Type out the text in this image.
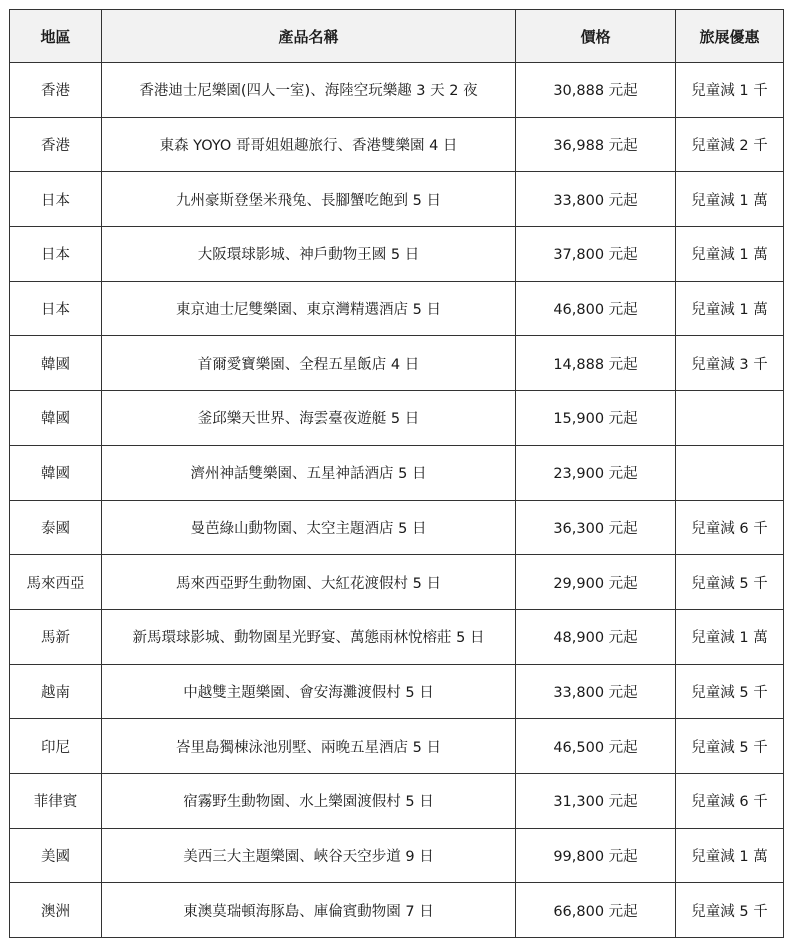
地區	產品名稱	價格	旅展優惠
香港	香港迪士尼樂園(四人一室)、海陸空玩樂趣 3 天 2 夜	30,888 元起	兒童減 1 千
香港	東森 YOYO 哥哥姐姐趣旅行、香港雙樂園 4 日	36,988 元起	兒童減 2 千
日本	九州豪斯登堡米飛兔、長腳蟹吃飽到 5 日	33,800 元起	兒童減 1 萬
日本	大阪環球影城、神戶動物王國 5 日	37,800 元起	兒童減 1 萬
日本	東京迪士尼雙樂園、東京灣精選酒店 5 日	46,800 元起	兒童減 1 萬
韓國	首爾愛寶樂園、全程五星飯店 4 日	14,888 元起	兒童減 3 千
韓國	釜邱樂天世界、海雲臺夜遊艇 5 日	15,900 元起	
韓國	濟州神話雙樂園、五星神話酒店 5 日	23,900 元起	
泰國	曼芭綠山動物園、太空主題酒店 5 日	36,300 元起	兒童減 6 千
馬來西亞	馬來西亞野生動物園、大紅花渡假村 5 日	29,900 元起	兒童減 5 千
馬新	新馬環球影城、動物園星光野宴、萬態雨林悅榕莊 5 日	48,900 元起	兒童減 1 萬
越南	中越雙主題樂園、會安海灘渡假村 5 日	33,800 元起	兒童減 5 千
印尼	峇里島獨棟泳池別墅、兩晚五星酒店 5 日	46,500 元起	兒童減 5 千
菲律賓	宿霧野生動物園、水上樂園渡假村 5 日	31,300 元起	兒童減 6 千
美國	美西三大主題樂園、峽谷天空步道 9 日	99,800 元起	兒童減 1 萬
澳洲	東澳莫瑞頓海豚島、庫倫賓動物園 7 日	66,800 元起	兒童減 5 千
